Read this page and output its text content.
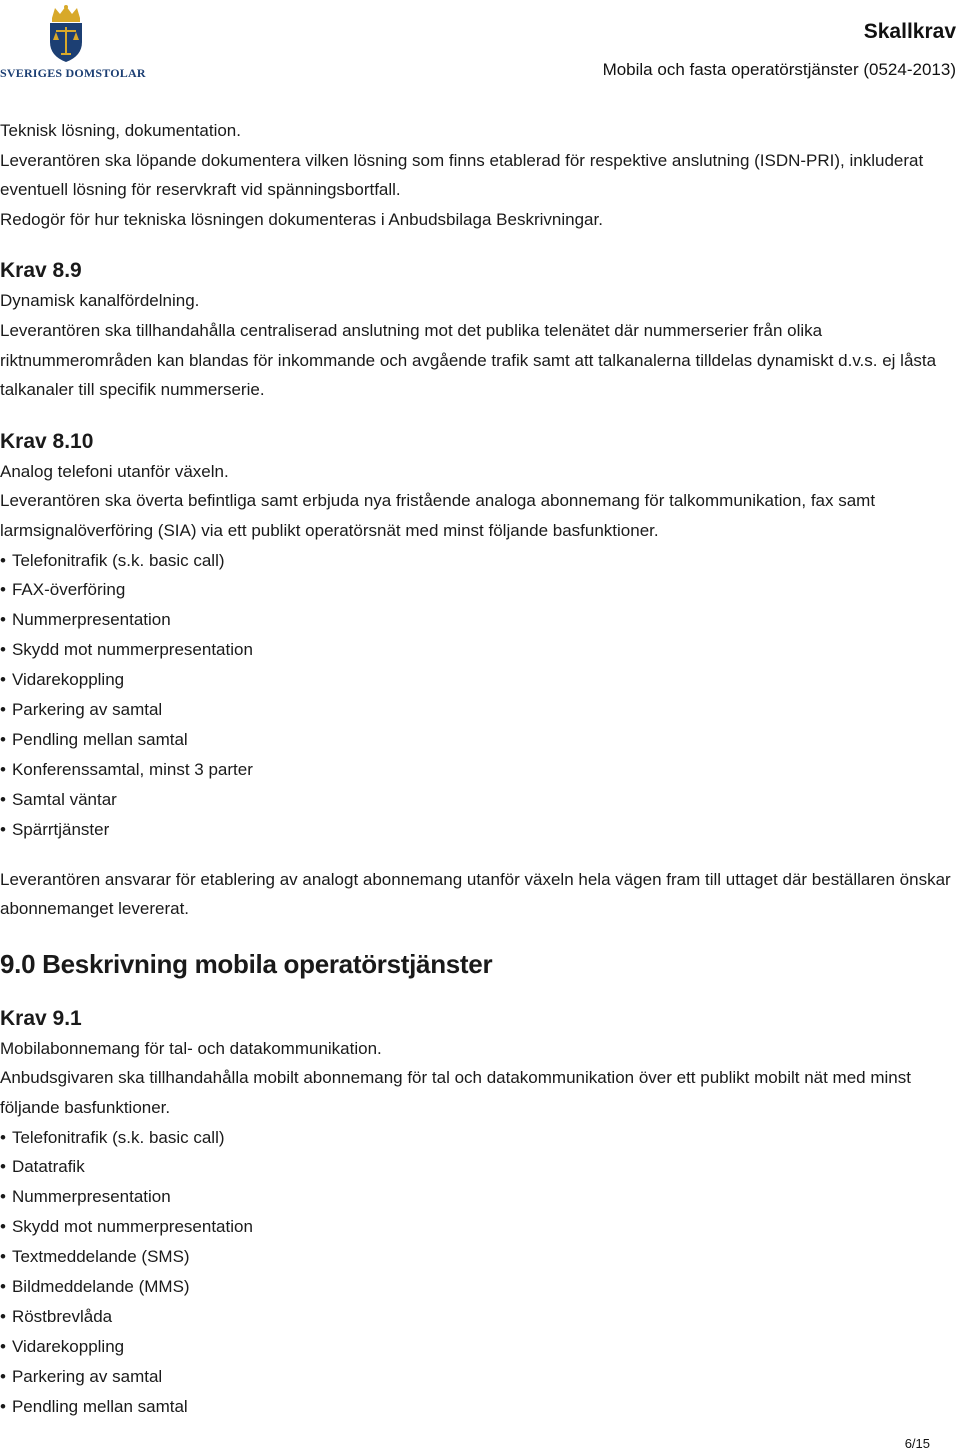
SVERIGES DOMSTOLAR
Skallkrav
Mobila och fasta operatörstjänster (0524-2013)

Teknisk lösning, dokumentation.

Leverantören ska löpande dokumentera vilken lösning som finns etablerad för respektive anslutning (ISDN-PRI), inkluderat eventuell lösning för reservkraft vid spänningsbortfall.

Redogör för hur tekniska lösningen dokumenteras i Anbudsbilaga Beskrivningar.

Krav 8.9

Dynamisk kanalfördelning.

Leverantören ska tillhandahålla centraliserad anslutning mot det publika telenätet där nummerserier från olika riktnummerområden kan blandas för inkommande och avgående trafik samt att talkanalerna tilldelas dynamiskt d.v.s. ej låsta talkanaler till specifik nummerserie.

Krav 8.10

Analog telefoni utanför växeln.

Leverantören ska överta befintliga samt erbjuda nya fristående analoga abonnemang för talkommunikation, fax samt larmsignalöverföring (SIA) via ett publikt operatörsnät med minst följande basfunktioner.

• Telefonitrafik (s.k. basic call)
• FAX-överföring
• Nummerpresentation
• Skydd mot nummerpresentation
• Vidarekoppling
• Parkering av samtal
• Pendling mellan samtal
• Konferenssamtal, minst 3 parter
• Samtal väntar
• Spärrtjänster

Leverantören ansvarar för etablering av analogt abonnemang utanför växeln hela vägen fram till uttaget där beställaren önskar abonnemanget levererat.

9.0 Beskrivning mobila operatörstjänster

Krav 9.1

Mobilabonnemang för tal- och datakommunikation.

Anbudsgivaren ska tillhandahålla mobilt abonnemang för tal och datakommunikation över ett publikt mobilt nät med minst följande basfunktioner.

• Telefonitrafik (s.k. basic call)
• Datatrafik
• Nummerpresentation
• Skydd mot nummerpresentation
• Textmeddelande (SMS)
• Bildmeddelande (MMS)
• Röstbrevlåda
• Vidarekoppling
• Parkering av samtal
• Pendling mellan samtal
6/15
